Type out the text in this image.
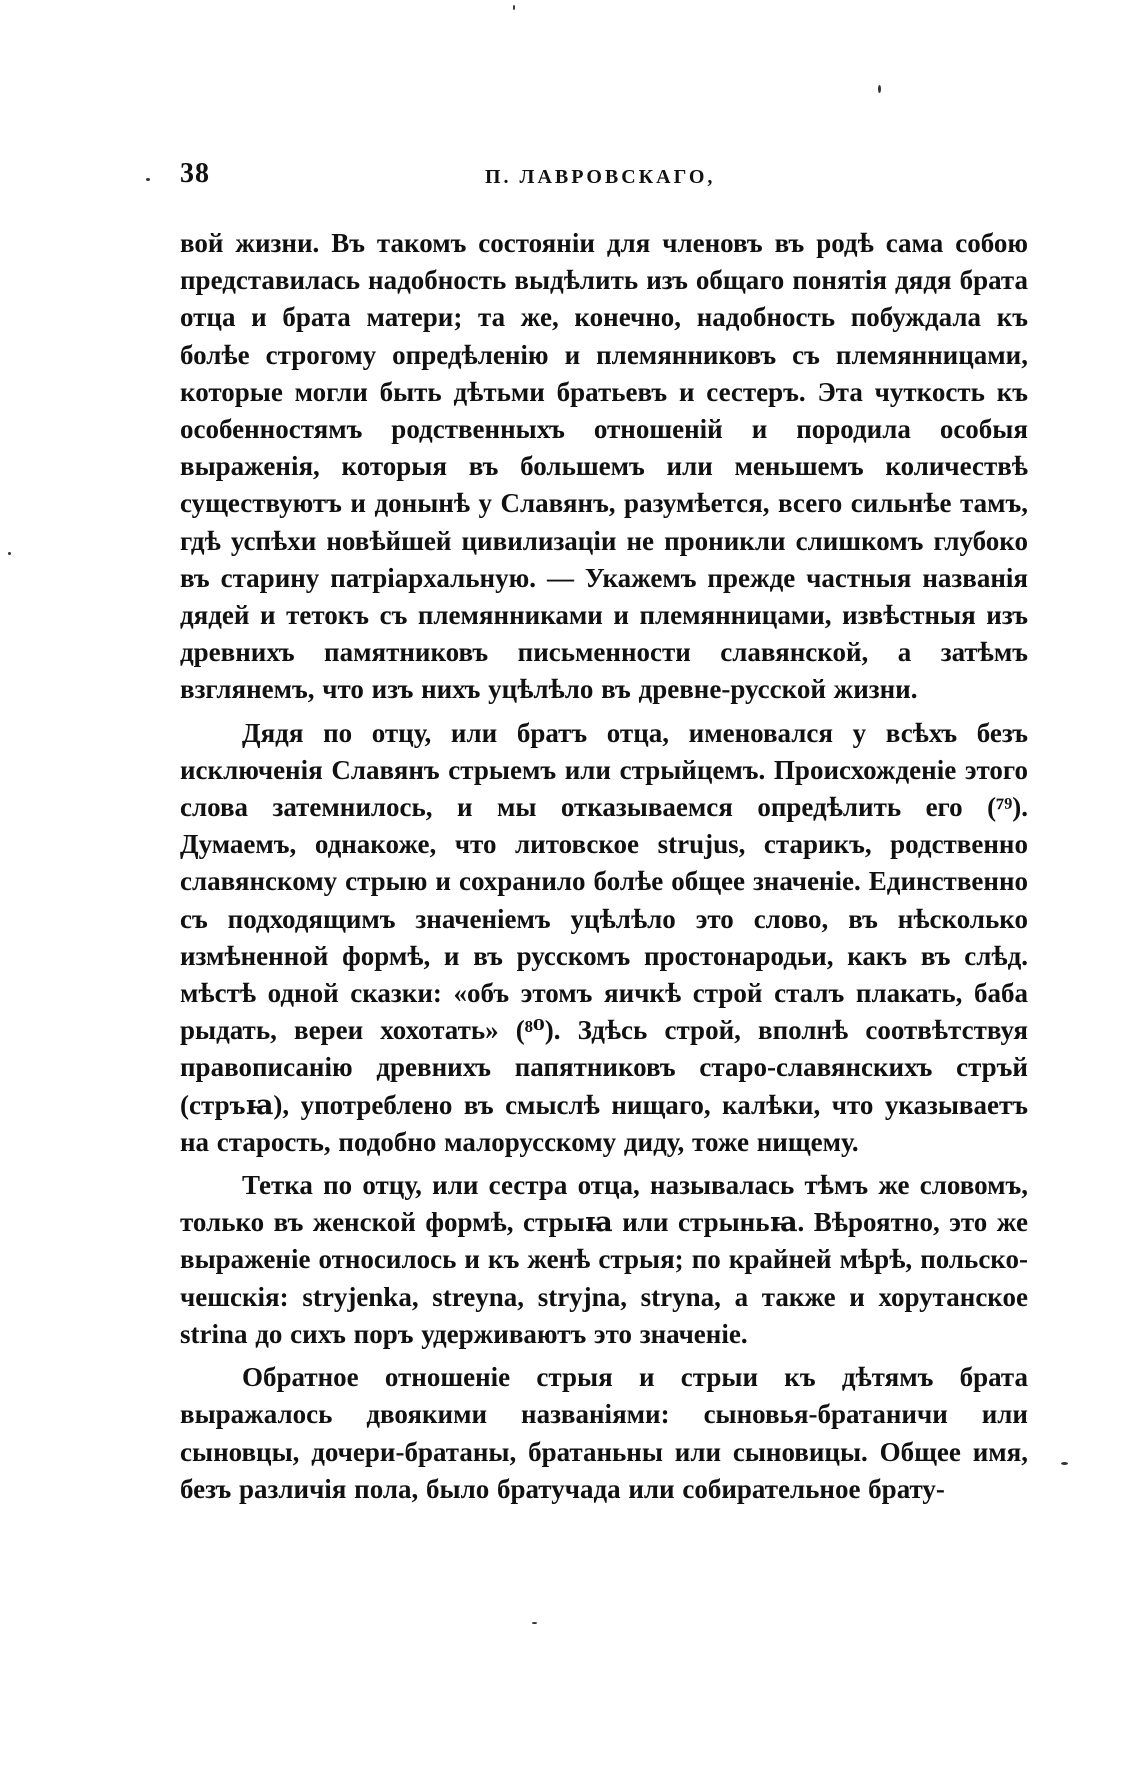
38	П. ЛАВРОВСКАГО,

вой жизни. Въ такомъ состояніи для членовъ въ родѣ сама собою представилась надобность выдѣлить изъ общаго понятія дядя брата отца и брата матери; та же, конечно, надобность побуждала къ болѣе строгому опредѣленію и племянниковъ съ племянницами, которые могли быть дѣтьми братьевъ и сестеръ. Эта чуткость къ особенностямъ родственныхъ отношеній и породила особыя выраженія, которыя въ большемъ или меньшемъ количествѣ существуютъ и донынѣ у Славянъ, разумѣется, всего сильнѣе тамъ, гдѣ успѣхи новѣйшей цивилизаціи не проникли слишкомъ глубоко въ старину патріархальную. — Укажемъ прежде частныя названія дядей и тетокъ съ племянниками и племянницами, извѣстныя изъ древнихъ памятниковъ письменности славянской, а затѣмъ взглянемъ, что изъ нихъ уцѣлѣло въ древне-русской жизни.

Дядя по отцу, или братъ отца, именовался у всѣхъ безъ исключенія Славянъ стрыемъ или стрыйцемъ. Происхожденіе этого слова затемнилось, и мы отказываемся опредѣлить его (⁷⁹). Думаемъ, однакоже, что литовское strujus, старикъ, родственно славянскому стрыю и сохранило болѣе общее значеніе. Единственно съ подходящимъ значеніемъ уцѣлѣло это слово, въ нѣсколько измѣненной формѣ, и въ русскомъ простонародьи, какъ въ слѣд. мѣстѣ одной сказки: «объ этомъ яичкѣ строй сталъ плакать, баба рыдать, вереи хохотать» (⁸⁰). Здѣсь строй, вполнѣ соотвѣтствуя правописанію древнихъ папятниковъ старо-славянскихъ стръй (стръꙗ), употреблено въ смыслѣ нищаго, калѣки, что указываетъ на старость, подобно малорусскому диду, тоже нищему.

Тетка по отцу, или сестра отца, называлась тѣмъ же словомъ, только въ женской формѣ, стрыꙗ или стрыньꙗ. Вѣроятно, это же выраженіе относилось и къ женѣ стрыя; по крайней мѣрѣ, польско-чешскія: stryjenka, streyna, stryjna, stryna, а также и хорутанское strina до сихъ поръ удерживаютъ это значеніе.

Обратное отношеніе стрыя и стрыи къ дѣтямъ брата выражалось двоякими названіями: сыновья-братаничи или сыновцы, дочери-братаны, братаньны или сыновицы. Общее имя, безъ различія пола, было братучада или собирательное брату-
